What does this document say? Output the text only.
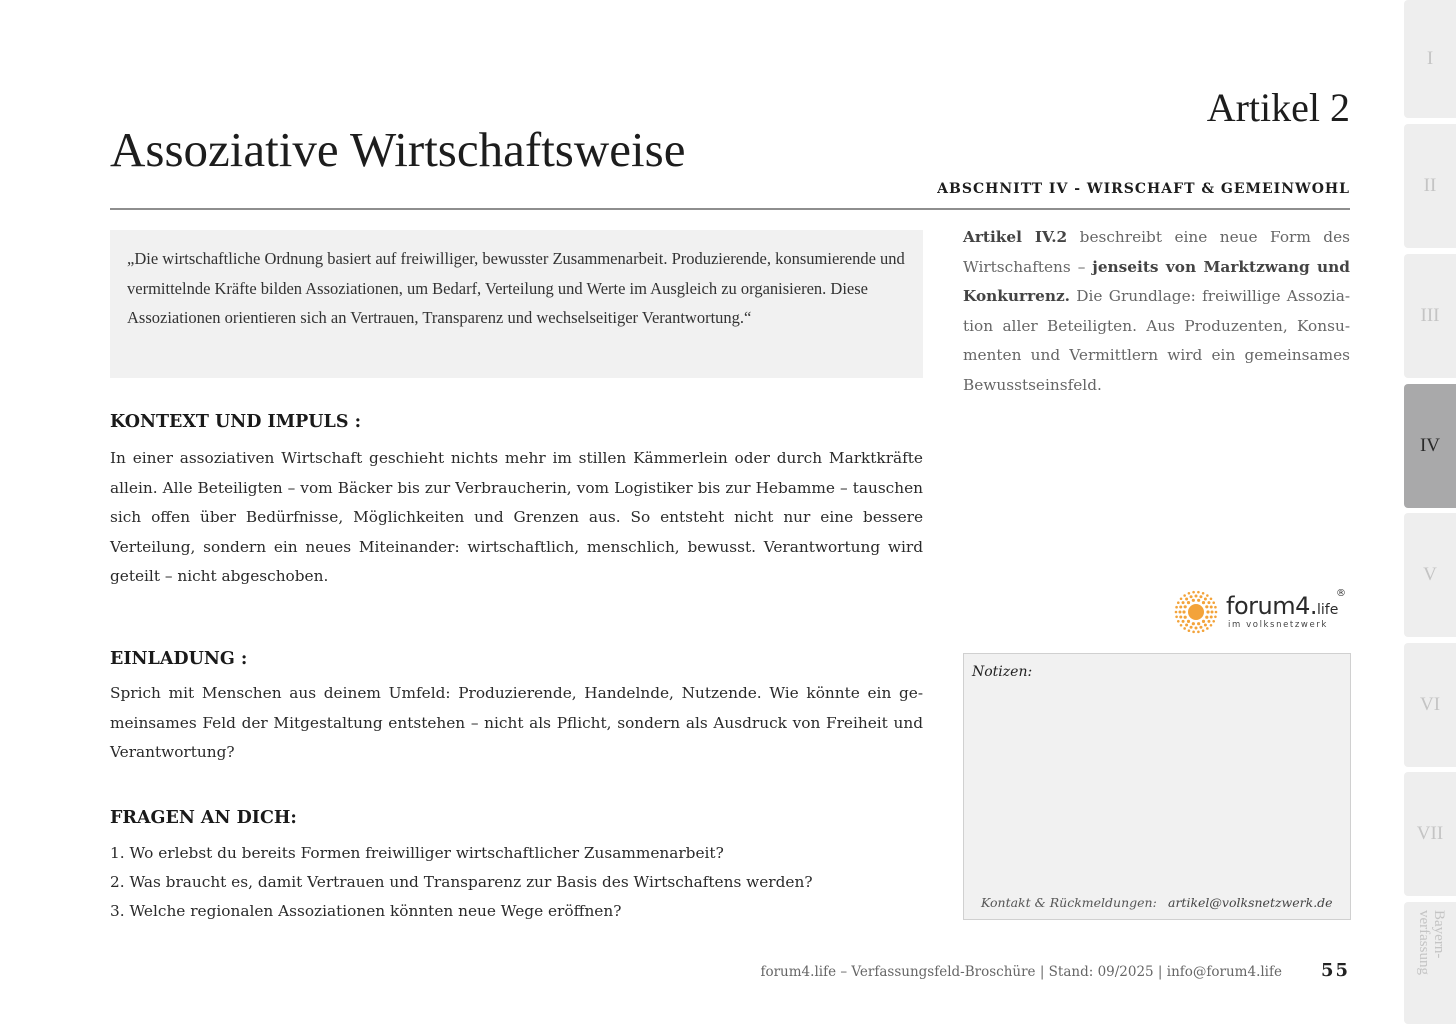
Assoziative Wirtschaftsweise
Artikel 2
ABSCHNITT IV - WIRSCHAFT & GEMEINWOHL
„Die wirtschaftliche Ordnung basiert auf freiwilliger, bewusster Zusammenarbeit. Produzierende, konsumierende und vermittelnde Kräfte bilden Assoziationen, um Bedarf, Verteilung und Werte im Ausgleich zu organisieren. Diese Assoziationen orientieren sich an Vertrauen, Transparenz und wechselseitiger Verantwortung.“
Artikel IV.2 beschreibt eine neue Form des Wirtschaftens – jenseits von Marktzwang und Konkurrenz. Die Grundlage: freiwillige Assoziation aller Beteiligten. Aus Produzenten, Konsumenten und Vermittlern wird ein gemeinsames Bewusstseinsfeld.
KONTEXT UND IMPULS :
In einer assoziativen Wirtschaft geschieht nichts mehr im stillen Kämmerlein oder durch Marktkräfte allein. Alle Beteiligten – vom Bäcker bis zur Verbraucherin, vom Logistiker bis zur Hebamme – tauschen sich offen über Bedürfnisse, Möglichkeiten und Grenzen aus. So entsteht nicht nur eine bessere Verteilung, sondern ein neues Miteinander: wirtschaftlich, menschlich, bewusst. Verantwortung wird geteilt – nicht abgeschoben.
EINLADUNG :
Sprich mit Menschen aus deinem Umfeld: Produzierende, Handelnde, Nutzende. Wie könnte ein gemeinsames Feld der Mitgestaltung entstehen – nicht als Pflicht, sondern als Ausdruck von Freiheit und Verantwortung?
FRAGEN AN DICH:
1. Wo erlebst du bereits Formen freiwilliger wirtschaftlicher Zusammenarbeit?
2. Was braucht es, damit Vertrauen und Transparenz zur Basis des Wirtschaftens werden?
3. Welche regionalen Assoziationen könnten neue Wege eröffnen?
forum4.life
®
im volksnetzwerk
Notizen:
Kontakt & Rückmeldungen: artikel@volksnetzwerk.de
forum4.life – Verfassungsfeld-Broschüre | Stand: 09/2025 | info@forum4.life 55
I
II
III
IV
V
VI
VII
Bayern-
verfassung
